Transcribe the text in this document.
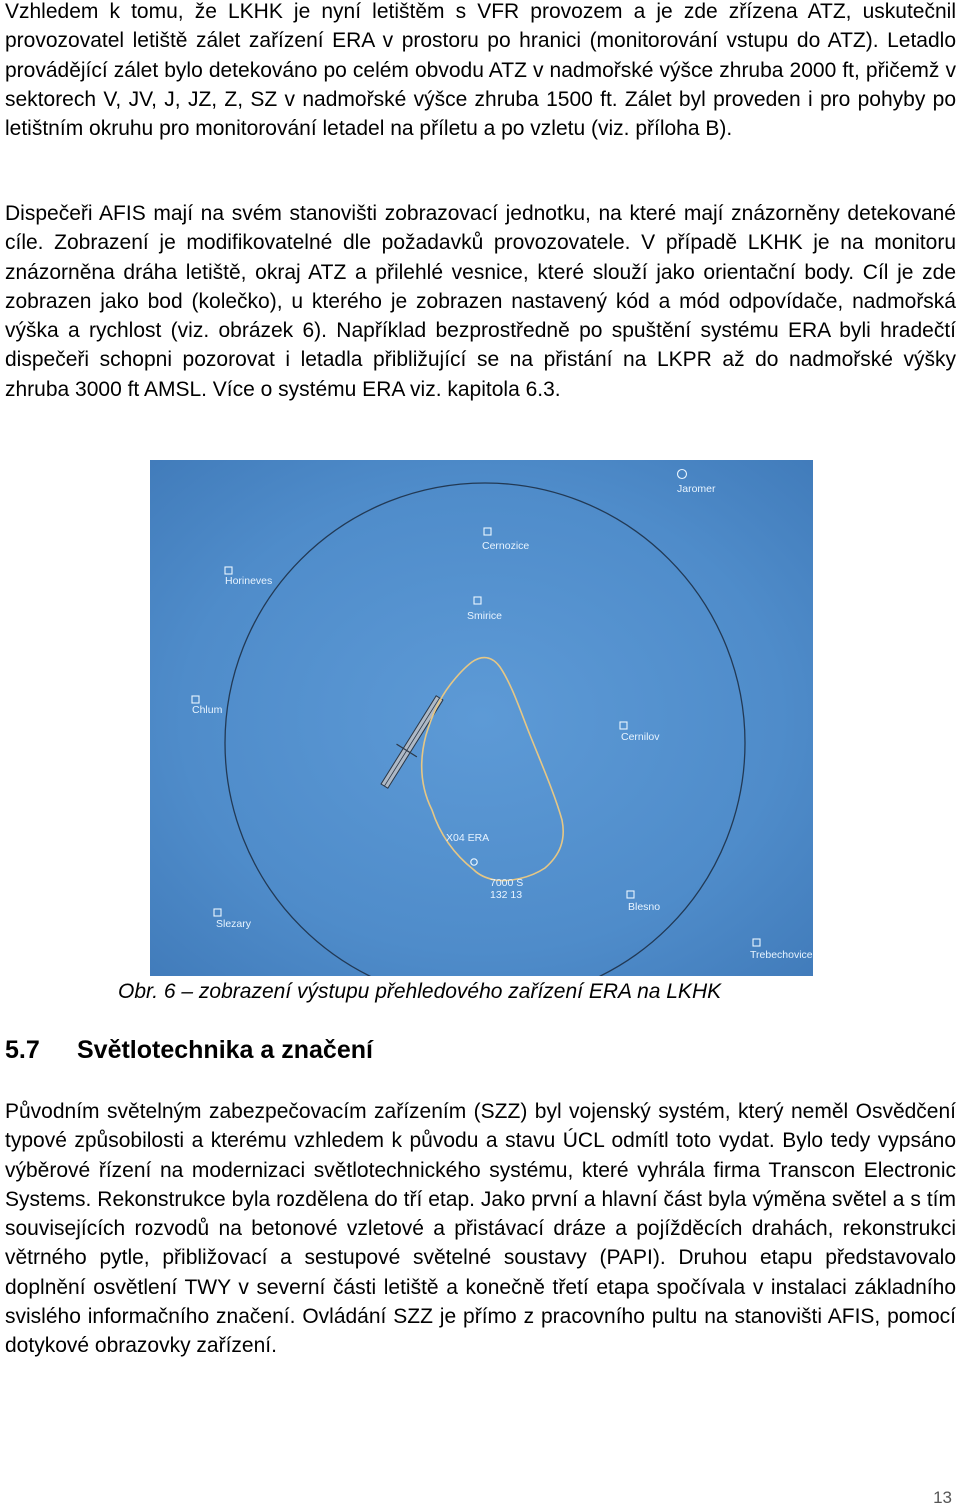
Vzhledem k tomu, že LKHK je nyní letištěm s VFR provozem a je zde zřízena ATZ, uskutečnil provozovatel letiště zálet zařízení ERA v prostoru po hranici (monitorování vstupu do ATZ). Letadlo provádějící zálet bylo detekováno po celém obvodu ATZ v nadmořské výšce zhruba 2000 ft, přičemž v sektorech V, JV, J, JZ, Z, SZ v nadmořské výšce zhruba 1500 ft. Zálet byl proveden i pro pohyby po letištním okruhu pro monitorování letadel na příletu a po vzletu (viz. příloha B).

Dispečeři AFIS mají na svém stanovišti zobrazovací jednotku, na které mají znázorněny detekované cíle. Zobrazení je modifikovatelné dle požadavků provozovatele. V případě LKHK je na monitoru znázorněna dráha letiště, okraj ATZ a přilehlé vesnice, které slouží jako orientační body. Cíl je zde zobrazen jako bod (kolečko), u kterého je zobrazen nastavený kód a mód odpovídače, nadmořská výška a rychlost (viz. obrázek 6). Například bezprostředně po spuštění systému ERA byli hradečtí dispečeři schopni pozorovat i letadla přibližující se na přistání na LKPR až do nadmořské výšky zhruba 3000 ft AMSL. Více o systému ERA viz. kapitola 6.3.

Jaromer
Cernozice
Horineves
Smirice
Chlum
Cernilov
X04 ERA
7000 S
132 13
Blesno
Slezary
Trebechovice
Obr. 6 – zobrazení výstupu přehledového zařízení ERA na LKHK
5.7 Světlotechnika a značení

Původním světelným zabezpečovacím zařízením (SZZ) byl vojenský systém, který neměl Osvědčení typové způsobilosti a kterému vzhledem k původu a stavu ÚCL odmítl toto vydat. Bylo tedy vypsáno výběrové řízení na modernizaci světlotechnického systému, které vyhrála firma Transcon Electronic Systems. Rekonstrukce byla rozdělena do tří etap. Jako první a hlavní část byla výměna světel a s tím souvisejících rozvodů na betonové vzletové a přistávací dráze a pojížděcích drahách, rekonstrukci větrného pytle, přibližovací a sestupové světelné soustavy (PAPI). Druhou etapu představovalo doplnění osvětlení TWY v severní části letiště a konečně třetí etapa spočívala v instalaci základního svislého informačního značení. Ovládání SZZ je přímo z pracovního pultu na stanovišti AFIS, pomocí dotykové obrazovky zařízení.

13
